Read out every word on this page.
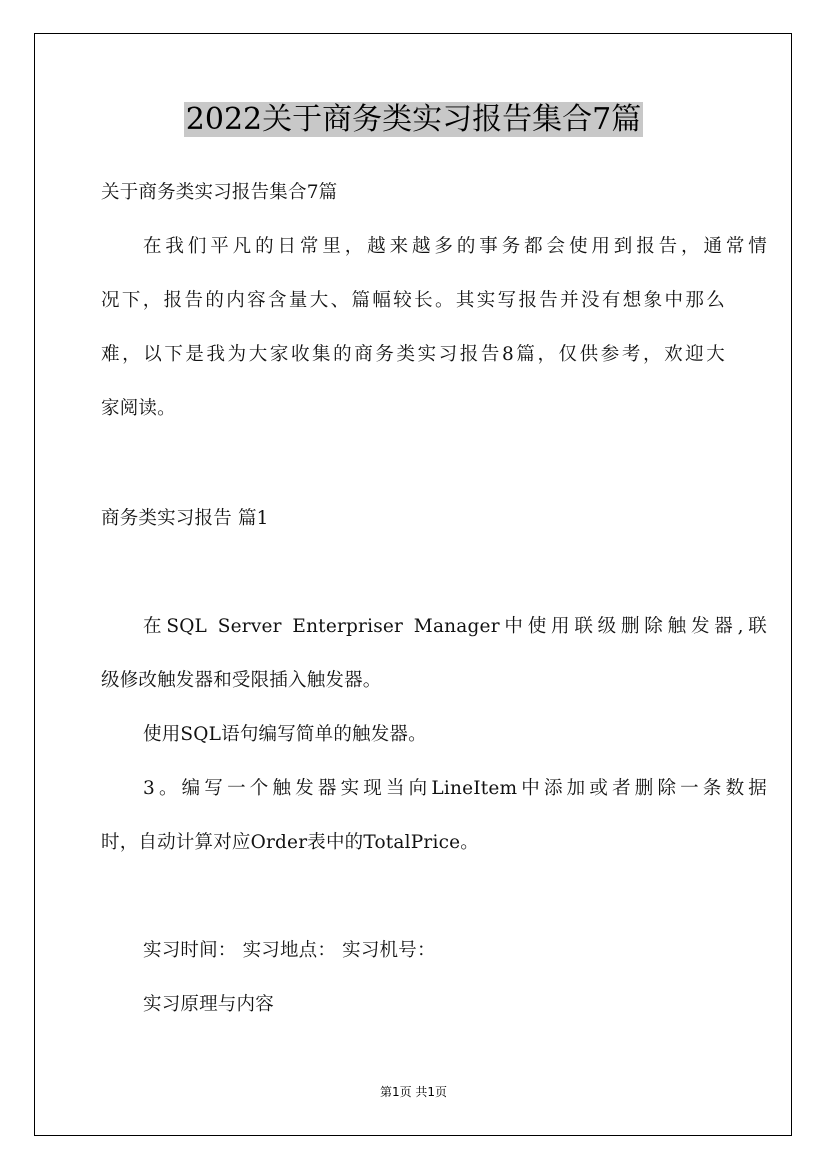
2022关于商务类实习报告集合7篇
关于商务类实习报告集合7篇
在我们平凡的日常里，越来越多的事务都会使用到报告，通常情
况下，报告的内容含量大、篇幅较长。其实写报告并没有想象中那么
难，以下是我为大家收集的商务类实习报告8篇，仅供参考，欢迎大
家阅读。
商务类实习报告 篇1
在SQL Server Enterpriser Manager中使用联级删除触发器,联
级修改触发器和受限插入触发器。
使用SQL语句编写简单的触发器。
3。编写一个触发器实现当向LineItem中添加或者删除一条数据
时，自动计算对应Order表中的TotalPrice。
实习时间： 实习地点： 实习机号：
实习原理与内容
第1页 共1页
